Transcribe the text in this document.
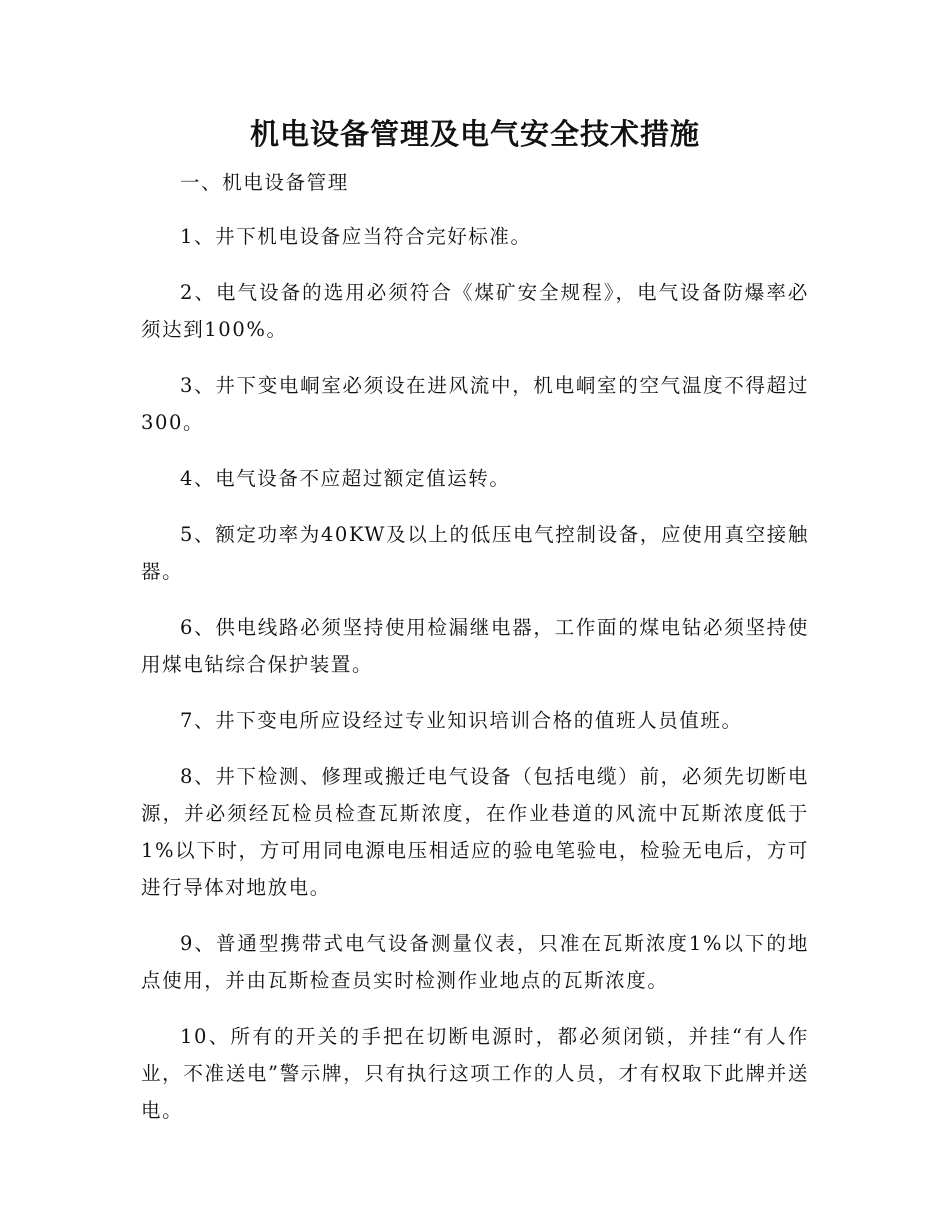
机电设备管理及电气安全技术措施

一、机电设备管理

1、井下机电设备应当符合完好标准。

2、电气设备的选用必须符合《煤矿安全规程》，电气设备防爆率必须达到100%。

3、井下变电峒室必须设在进风流中，机电峒室的空气温度不得超过300。

4、电气设备不应超过额定值运转。

5、额定功率为40KW及以上的低压电气控制设备，应使用真空接触器。

6、供电线路必须坚持使用检漏继电器，工作面的煤电钻必须坚持使用煤电钻综合保护装置。

7、井下变电所应设经过专业知识培训合格的值班人员值班。

8、井下检测、修理或搬迁电气设备（包括电缆）前，必须先切断电源，并必须经瓦检员检查瓦斯浓度，在作业巷道的风流中瓦斯浓度低于1%以下时，方可用同电源电压相适应的验电笔验电，检验无电后，方可进行导体对地放电。

9、普通型携带式电气设备测量仪表，只准在瓦斯浓度1%以下的地点使用，并由瓦斯检查员实时检测作业地点的瓦斯浓度。

10、所有的开关的手把在切断电源时，都必须闭锁，并挂“有人作业，不准送电”警示牌，只有执行这项工作的人员，才有权取下此牌并送电。
